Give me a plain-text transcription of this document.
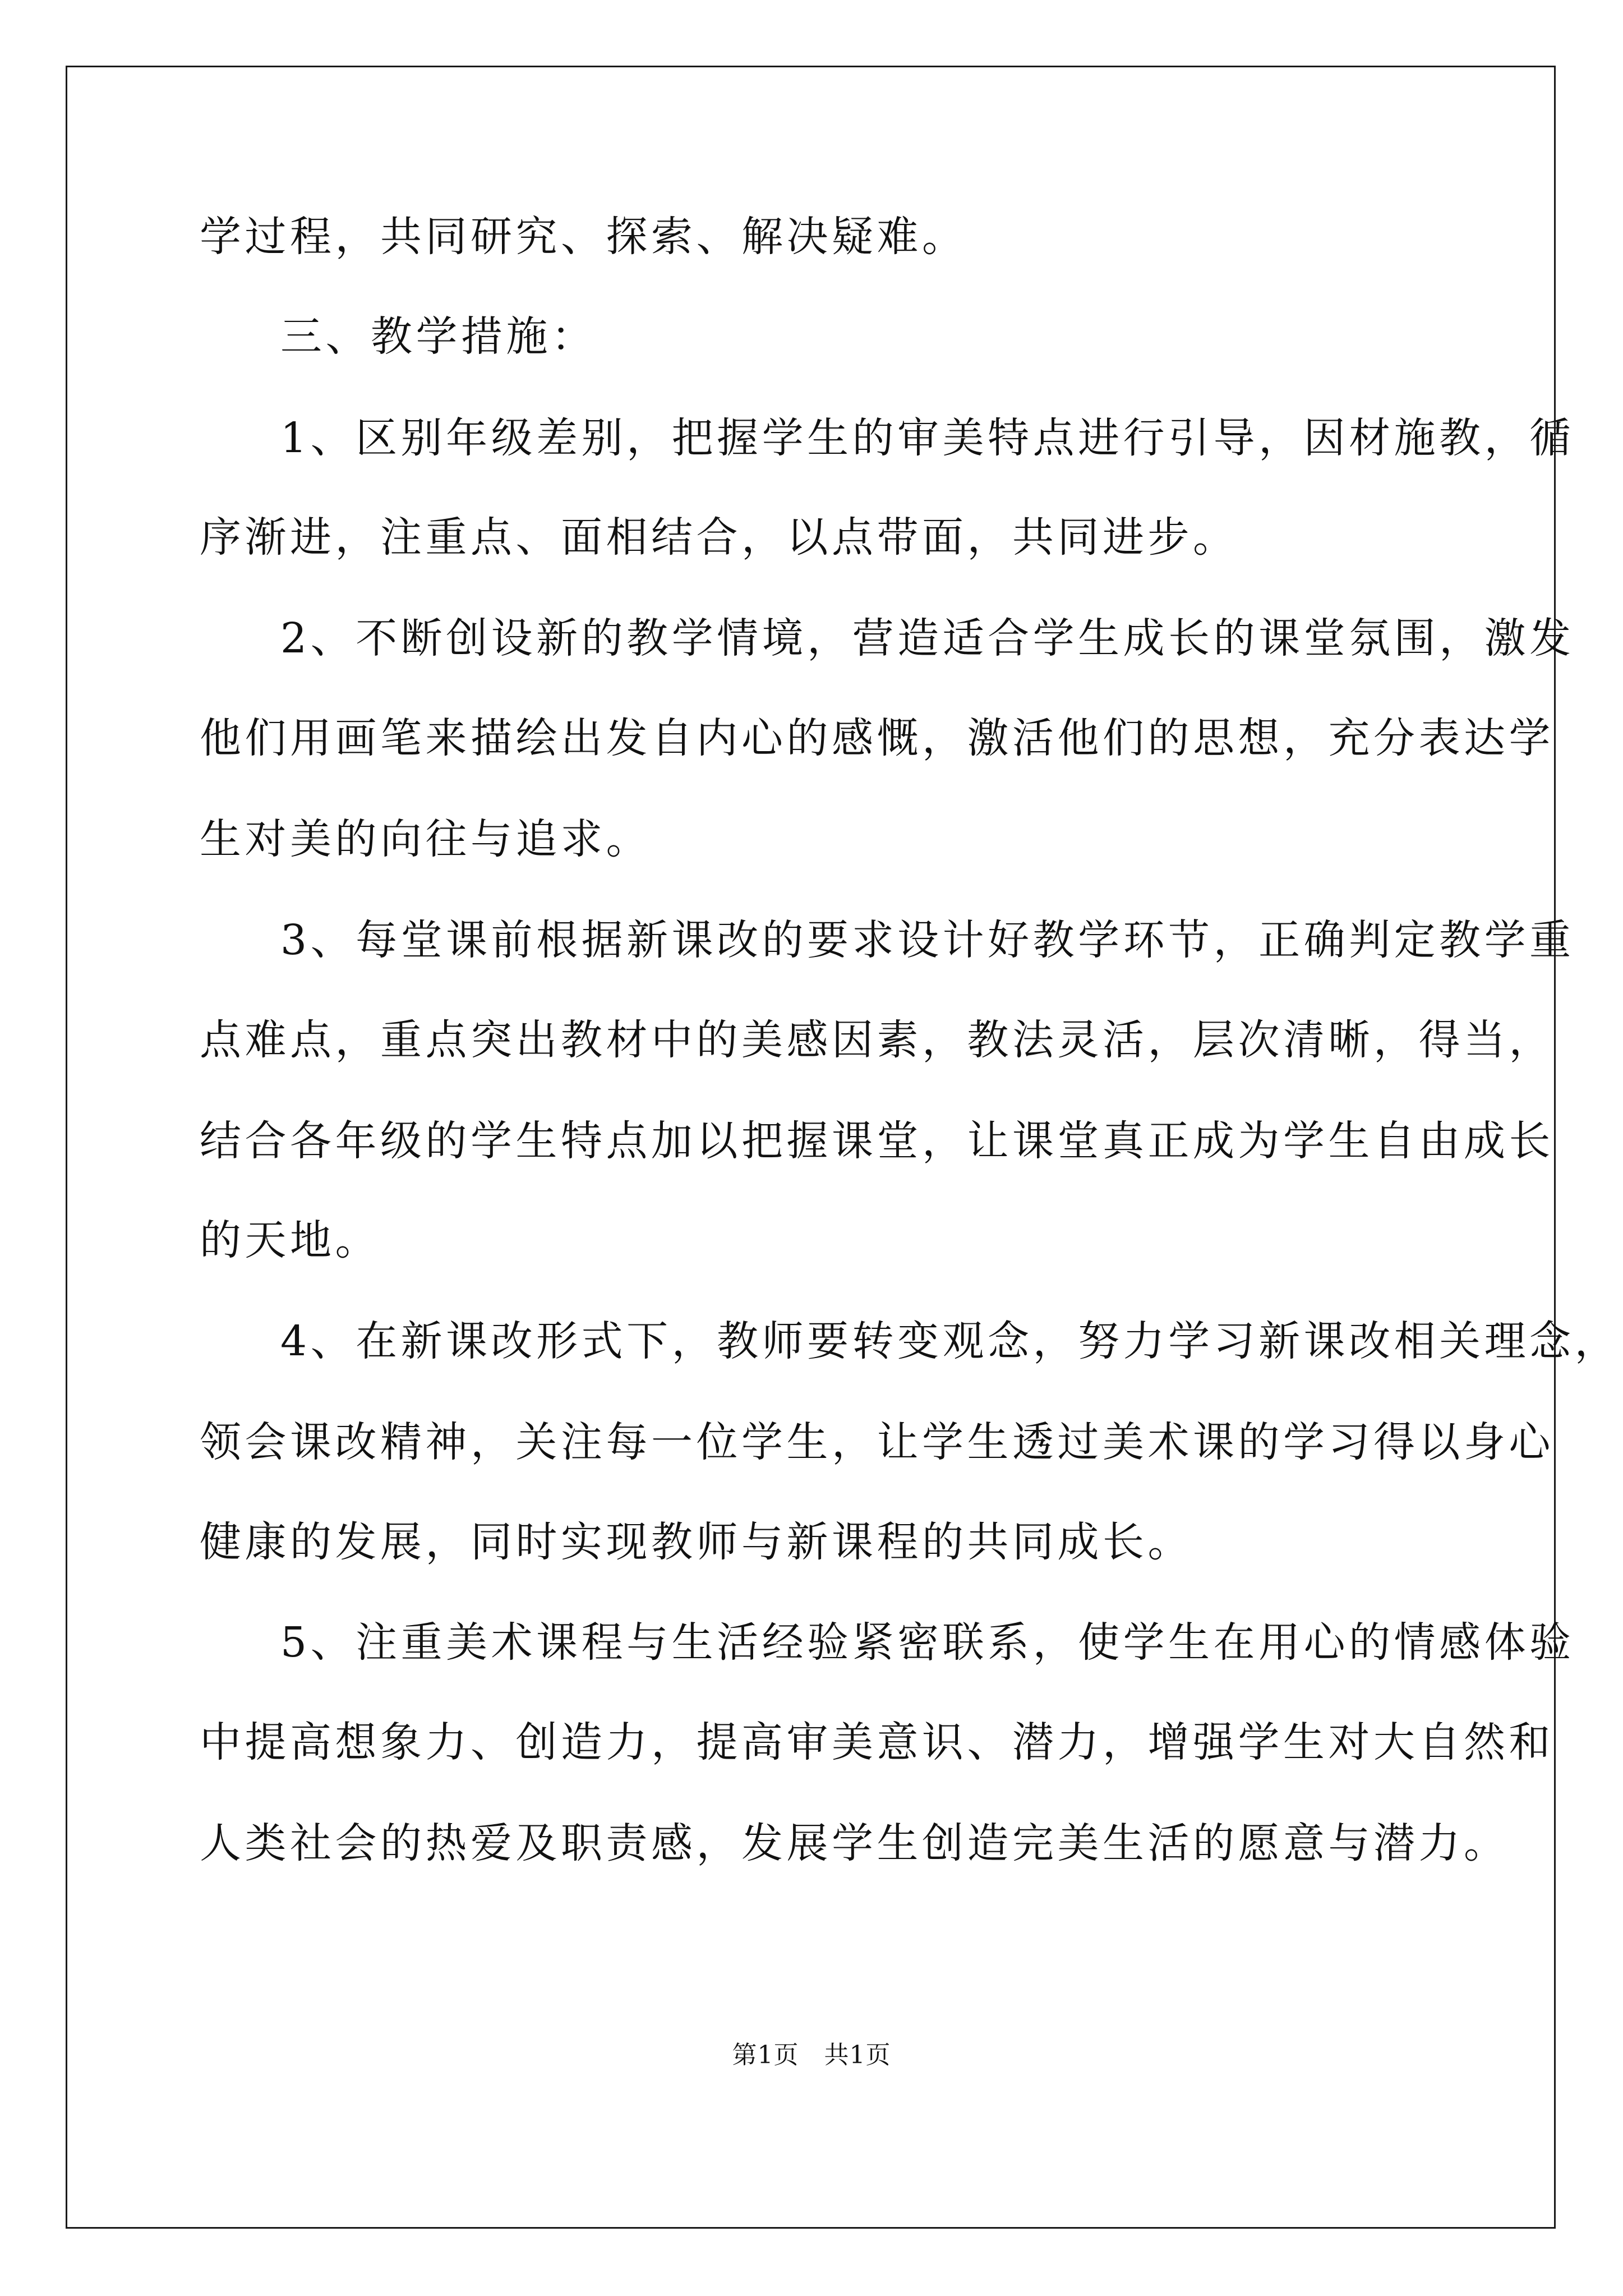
学过程，共同研究、探索、解决疑难。
三、教学措施：
1、区别年级差别，把握学生的审美特点进行引导，因材施教，循
序渐进，注重点、面相结合，以点带面，共同进步。
2、不断创设新的教学情境，营造适合学生成长的课堂氛围，激发
他们用画笔来描绘出发自内心的感慨，激活他们的思想，充分表达学
生对美的向往与追求。
3、每堂课前根据新课改的要求设计好教学环节，正确判定教学重
点难点，重点突出教材中的美感因素，教法灵活，层次清晰，得当，
结合各年级的学生特点加以把握课堂，让课堂真正成为学生自由成长
的天地。
4、在新课改形式下，教师要转变观念，努力学习新课改相关理念，
领会课改精神，关注每一位学生，让学生透过美术课的学习得以身心
健康的发展，同时实现教师与新课程的共同成长。
5、注重美术课程与生活经验紧密联系，使学生在用心的情感体验
中提高想象力、创造力，提高审美意识、潜力，增强学生对大自然和
人类社会的热爱及职责感，发展学生创造完美生活的愿意与潜力。
第1页   共1页
